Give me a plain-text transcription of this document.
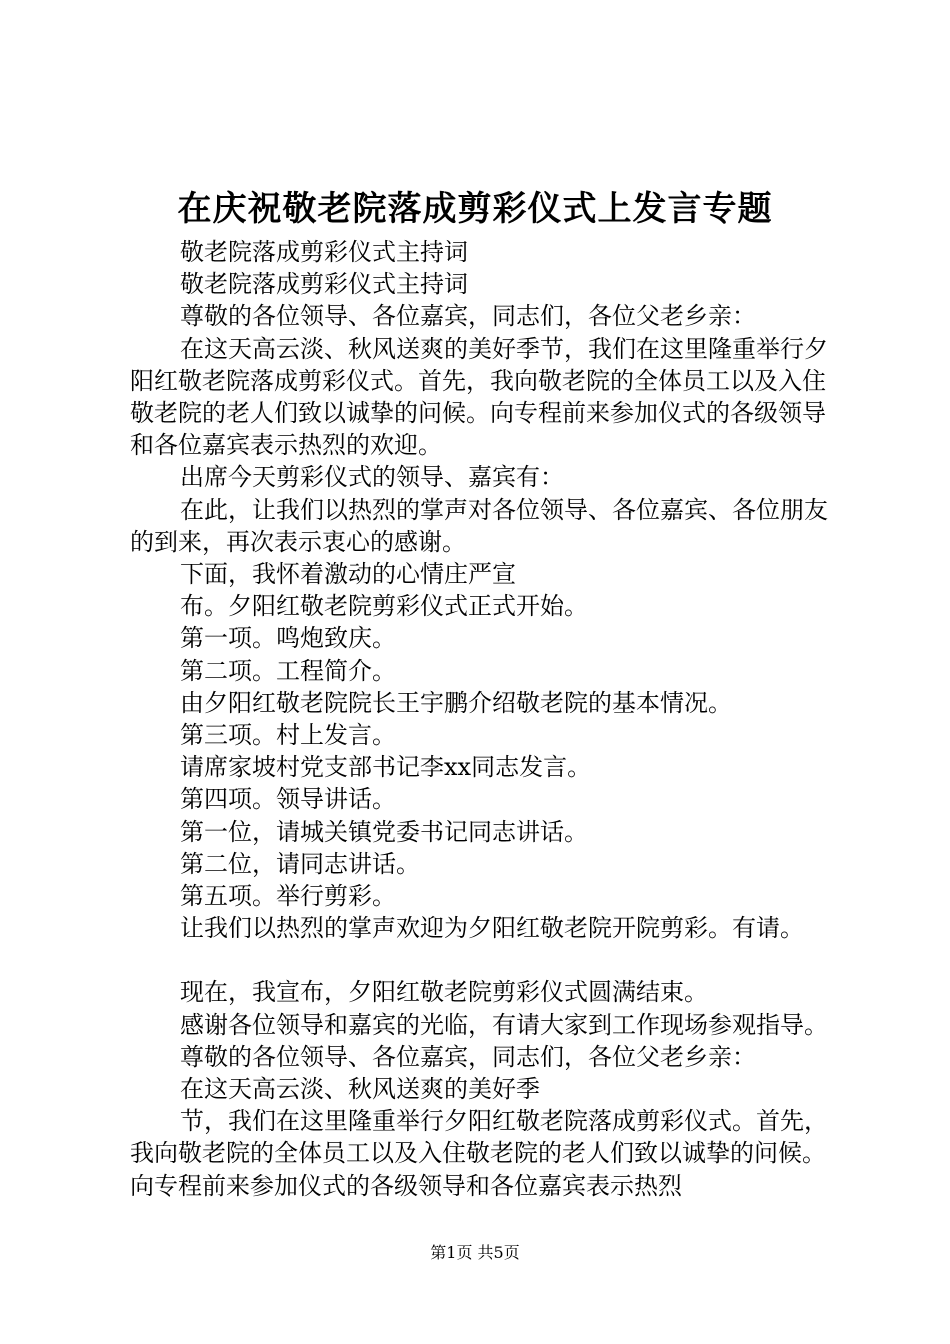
在庆祝敬老院落成剪彩仪式上发言专题

敬老院落成剪彩仪式主持词

敬老院落成剪彩仪式主持词

尊敬的各位领导、各位嘉宾，同志们，各位父老乡亲：

在这天高云淡、秋风送爽的美好季节，我们在这里隆重举行夕阳红敬老院落成剪彩仪式。首先，我向敬老院的全体员工以及入住敬老院的老人们致以诚挚的问候。向专程前来参加仪式的各级领导和各位嘉宾表示热烈的欢迎。

出席今天剪彩仪式的领导、嘉宾有：

在此，让我们以热烈的掌声对各位领导、各位嘉宾、各位朋友的到来，再次表示衷心的感谢。

下面，我怀着激动的心情庄严宣

布。夕阳红敬老院剪彩仪式正式开始。

第一项。鸣炮致庆。

第二项。工程简介。

由夕阳红敬老院院长王宇鹏介绍敬老院的基本情况。

第三项。村上发言。

请席家坡村党支部书记李xx同志发言。

第四项。领导讲话。

第一位，请城关镇党委书记同志讲话。

第二位，请同志讲话。

第五项。举行剪彩。

让我们以热烈的掌声欢迎为夕阳红敬老院开院剪彩。有请。

现在，我宣布，夕阳红敬老院剪彩仪式圆满结束。

感谢各位领导和嘉宾的光临，有请大家到工作现场参观指导。

尊敬的各位领导、各位嘉宾，同志们，各位父老乡亲：

在这天高云淡、秋风送爽的美好季

节，我们在这里隆重举行夕阳红敬老院落成剪彩仪式。首先，我向敬老院的全体员工以及入住敬老院的老人们致以诚挚的问候。向专程前来参加仪式的各级领导和各位嘉宾表示热烈

第1页 共5页
